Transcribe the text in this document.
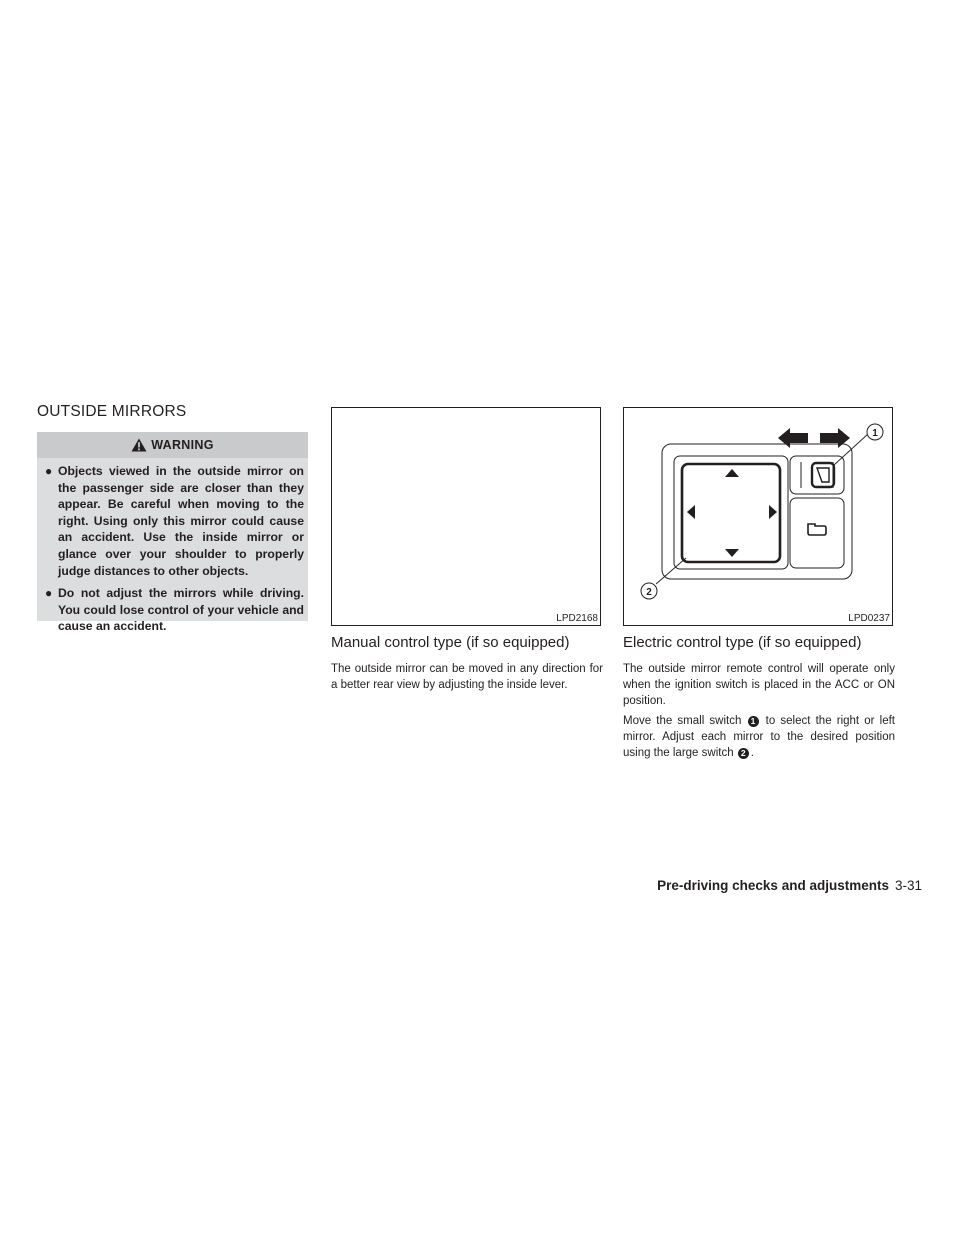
OUTSIDE MIRRORS
WARNING
● Objects viewed in the outside mirror on the passenger side are closer than they appear. Be careful when moving to the right. Using only this mirror could cause an accident. Use the inside mirror or glance over your shoulder to properly judge distances to other objects.
● Do not adjust the mirrors while driving. You could lose control of your vehicle and cause an accident.
LPD2168
1
2
LPD0237
Manual control type (if so equipped)

The outside mirror can be moved in any direction for a better rear view by adjusting the inside lever.

Electric control type (if so equipped)

The outside mirror remote control will operate only when the ignition switch is placed in the ACC or ON position.

Move the small switch 1 to select the right or left mirror. Adjust each mirror to the desired position using the large switch 2 .

Pre-driving checks and adjustments 3-31
